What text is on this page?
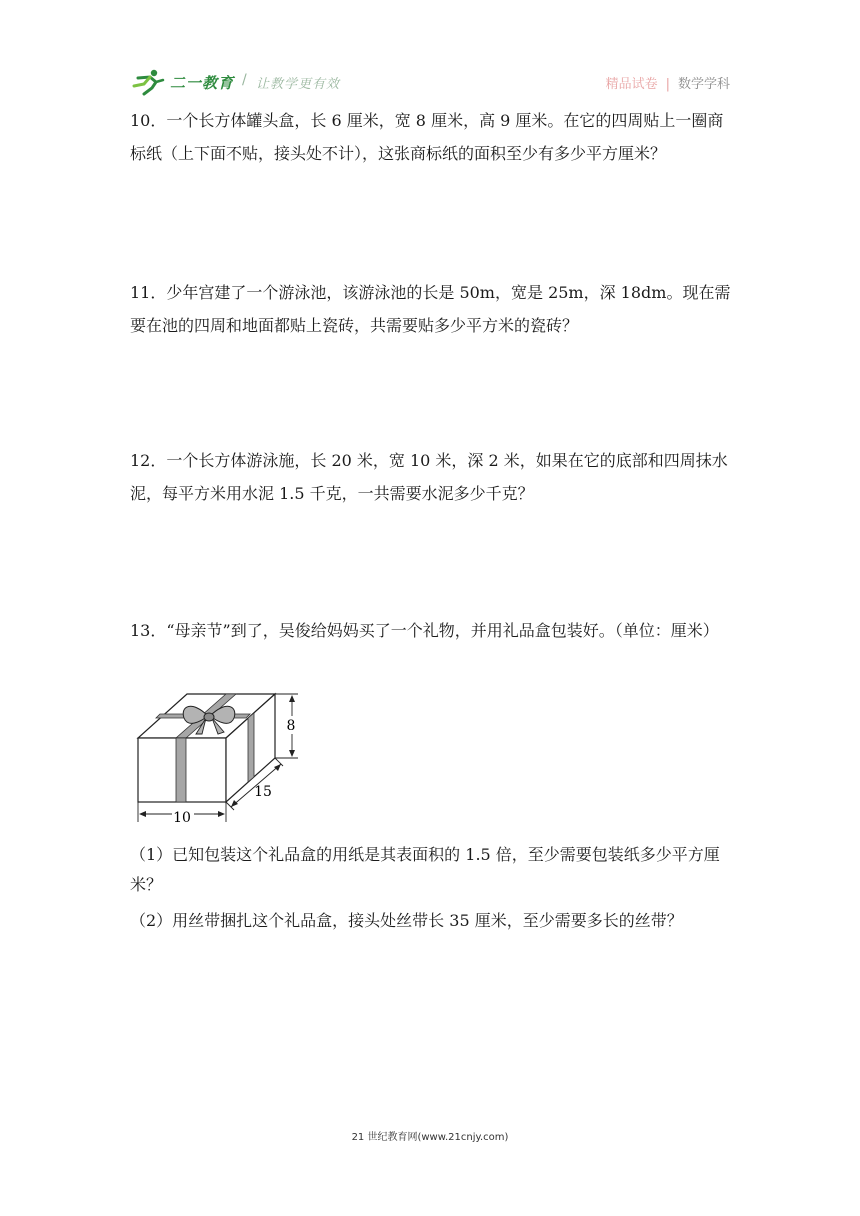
二一教育 / 让教学更有效	精品试卷 | 数学学科
10．一个长方体罐头盒，长 6 厘米，宽 8 厘米，高 9 厘米。在它的四周贴上一圈商标纸（上下面不贴，接头处不计），这张商标纸的面积至少有多少平方厘米？
11．少年宫建了一个游泳池，该游泳池的长是 50m，宽是 25m，深 18dm。现在需要在池的四周和地面都贴上瓷砖，共需要贴多少平方米的瓷砖？
12．一个长方体游泳施，长 20 米，宽 10 米，深 2 米，如果在它的底部和四周抹水泥，每平方米用水泥 1.5 千克，一共需要水泥多少千克？
13．“母亲节”到了，吴俊给妈妈买了一个礼物，并用礼品盒包装好。（单位：厘米）
8
15
10
（1）已知包装这个礼品盒的用纸是其表面积的 1.5 倍，至少需要包装纸多少平方厘米？
（2）用丝带捆扎这个礼品盒，接头处丝带长 35 厘米，至少需要多长的丝带？
21 世纪教育网(www.21cnjy.com)
